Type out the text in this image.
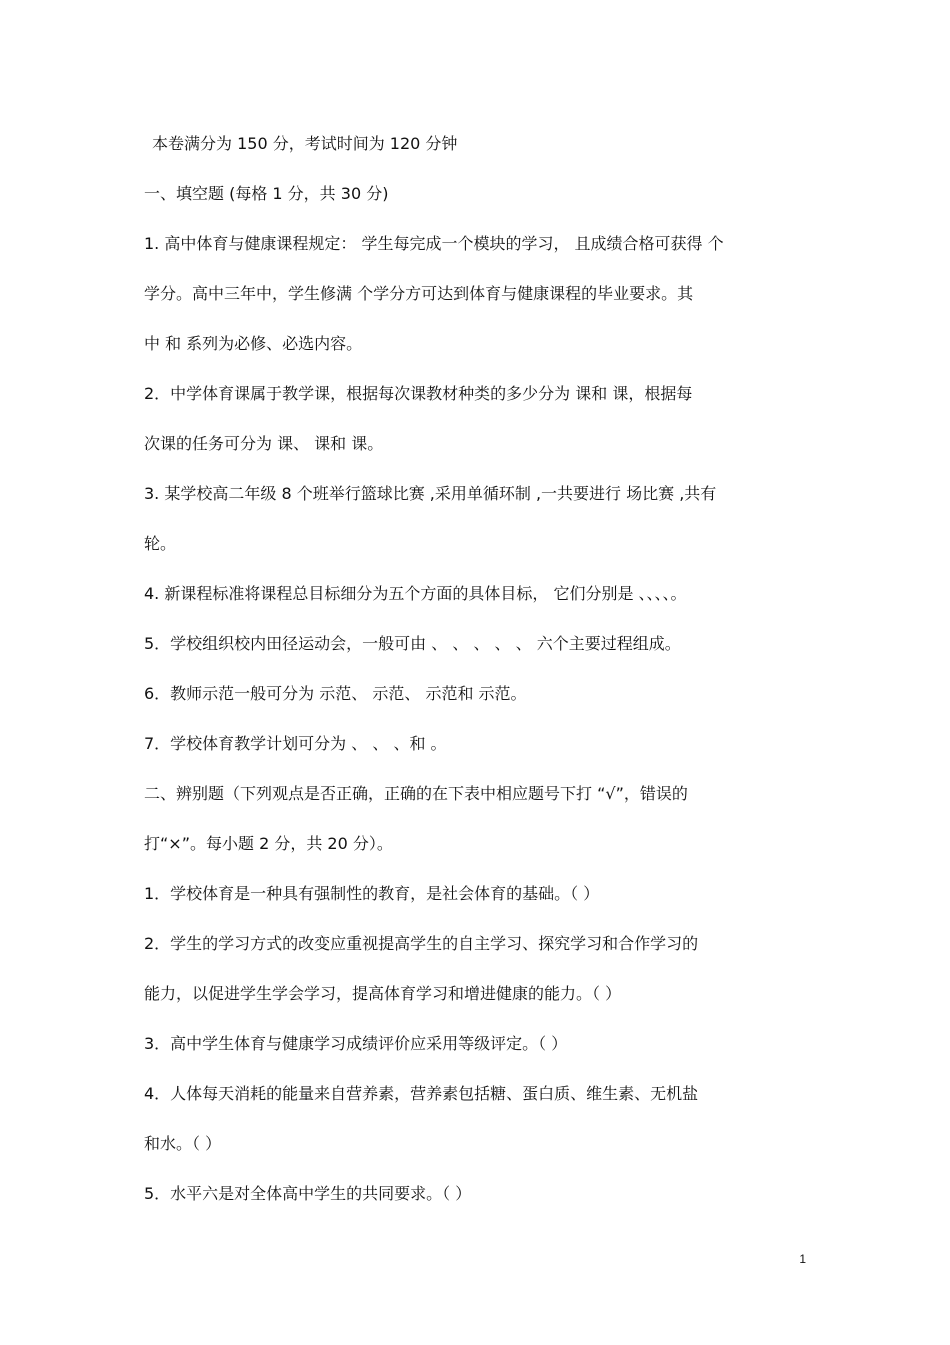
本卷满分为 150 分，考试时间为 120 分钟
一、填空题 (每格 1 分，共 30 分)
1. 高中体育与健康课程规定： 学生每完成一个模块的学习， 且成绩合格可获得 个
学分。高中三年中，学生修满 个学分方可达到体育与健康课程的毕业要求。其
中 和 系列为必修、必选内容。
2．中学体育课属于教学课，根据每次课教材种类的多少分为 课和 课，根据每
次课的任务可分为 课、 课和 课。
3. 某学校高二年级 8 个班举行篮球比赛 ,采用单循环制 ,一共要进行 场比赛 ,共有
轮。
4. 新课程标准将课程总目标细分为五个方面的具体目标， 它们分别是 、、、、。
5．学校组织校内田径运动会，一般可由 、 、 、 、 、 六个主要过程组成。
6．教师示范一般可分为 示范、 示范、 示范和 示范。
7．学校体育教学计划可分为 、 、 、和 。
二、辨别题（下列观点是否正确，正确的在下表中相应题号下打 “√”，错误的
打“×”。每小题 2 分，共 20 分）。
1．学校体育是一种具有强制性的教育，是社会体育的基础。（ ）
2．学生的学习方式的改变应重视提高学生的自主学习、探究学习和合作学习的
能力，以促进学生学会学习，提高体育学习和增进健康的能力。（ ）
3．高中学生体育与健康学习成绩评价应采用等级评定。（ ）
4．人体每天消耗的能量来自营养素，营养素包括糖、蛋白质、维生素、无机盐
和水。（ ）
5．水平六是对全体高中学生的共同要求。（ ）
1
